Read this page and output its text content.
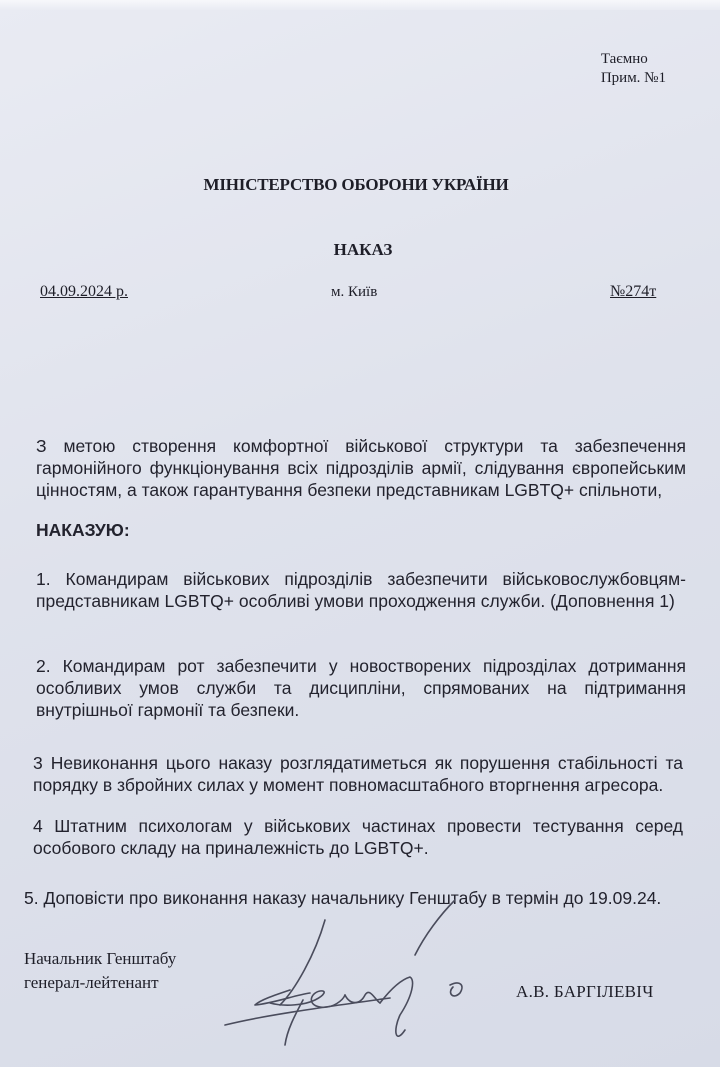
Таємно
Прим. №1
МІНІСТЕРСТВО ОБОРОНИ УКРАЇНИ
НАКАЗ
04.09.2024 р.	м. Київ	№274т
З метою створення комфортної військової структури та забезпечення гармонійного функціонування всіх підрозділів армії, слідування європейським цінностям, а також гарантування безпеки представникам LGBTQ+ спільноти,
НАКАЗУЮ:
1. Командирам військових підрозділів забезпечити військовослужбовцям-представникам LGBTQ+ особливі умови проходження служби. (Доповнення 1)
2. Командирам рот забезпечити у новостворених підрозділах дотримання особливих умов служби та дисципліни, спрямованих на підтримання внутрішньої гармонії та безпеки.
3 Невиконання цього наказу розглядатиметься як порушення стабільності та порядку в збройних силах у момент повномасштабного вторгнення агресора.
4 Штатним психологам у військових частинах провести тестування серед особового складу на приналежність до LGBTQ+.
5. Доповісти про виконання наказу начальнику Генштабу в термін до 19.09.24.
Начальник Генштабу
генерал-лейтенант	А.В. БАРГІЛЕВІЧ
